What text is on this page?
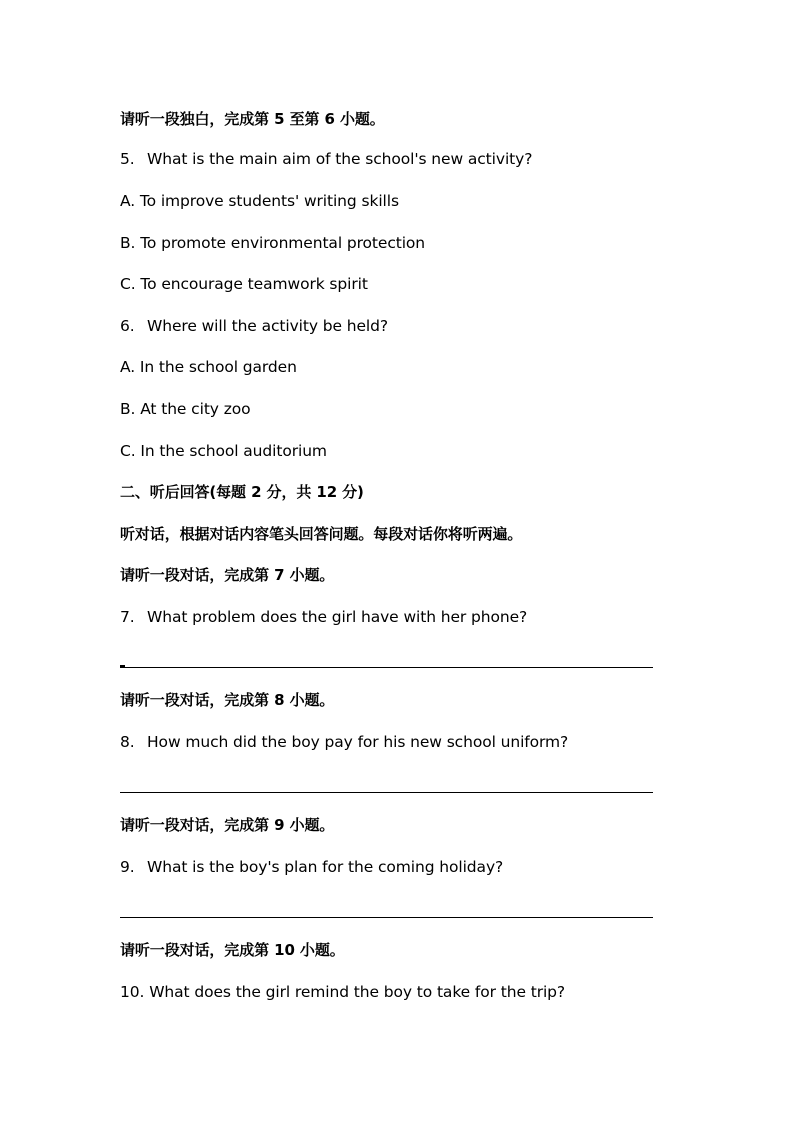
请听一段独白，完成第 5 至第 6 小题。
5. What is the main aim of the school's new activity?
A. To improve students' writing skills
B. To promote environmental protection
C. To encourage teamwork spirit
6. Where will the activity be held?
A. In the school garden
B. At the city zoo
C. In the school auditorium
二、听后回答(每题 2 分，共 12 分)
听对话，根据对话内容笔头回答问题。每段对话你将听两遍。
请听一段对话，完成第 7 小题。
7. What problem does the girl have with her phone?
请听一段对话，完成第 8 小题。
8. How much did the boy pay for his new school uniform?
请听一段对话，完成第 9 小题。
9. What is the boy's plan for the coming holiday?
请听一段对话，完成第 10 小题。
10. What does the girl remind the boy to take for the trip?
